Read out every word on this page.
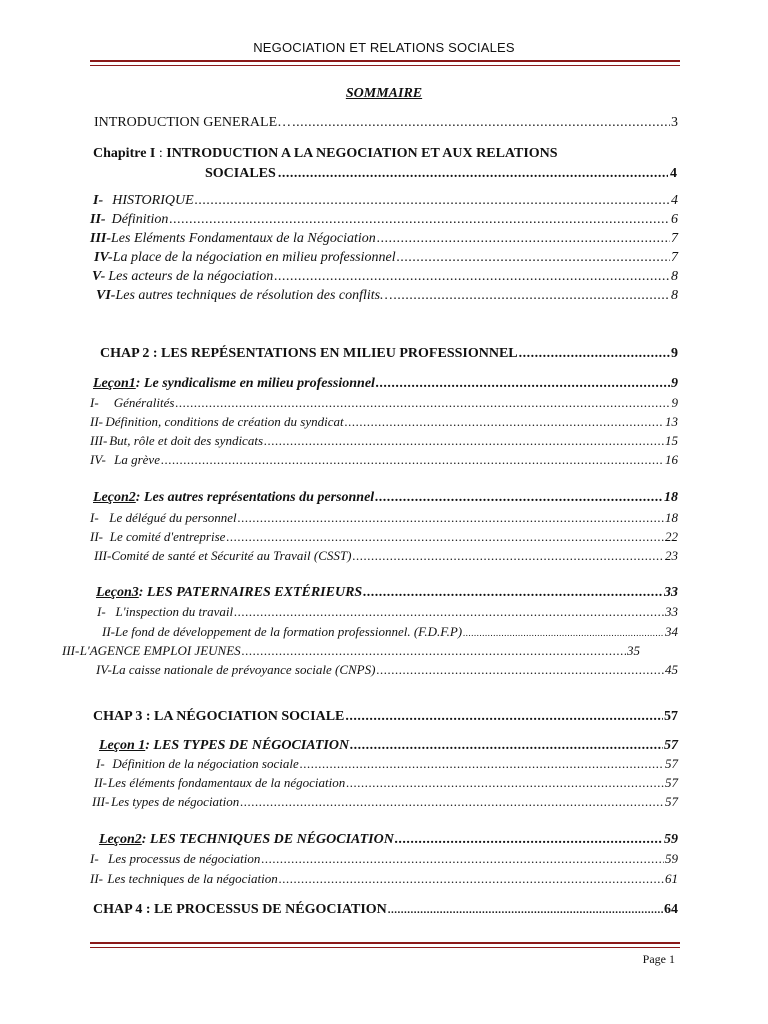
NEGOCIATION ET RELATIONS SOCIALES
SOMMAIRE
INTRODUCTION GENERALE… .....	3
Chapitre I : INTRODUCTION A LA NEGOCIATION ET AUX RELATIONS
SOCIALES .....	4
I- HISTORIQUE .....	4
II- Définition .....	6
III- Les Eléments Fondamentaux de la Négociation .....	7
IV- La place de la négociation en milieu professionnel .....	7
V- Les acteurs de la négociation .....	8
VI- Les autres techniques de résolution des conflits… .....	8
CHAP 2 : LES REPÉSENTATIONS EN MILIEU PROFESSIONNEL .....	9
Leçon1 : Le syndicalisme en milieu professionnel .....	9
I-	Généralités .....	9
II- Définition, conditions de création du syndicat .....	13
III- But, rôle et doit des syndicats .....	15
IV- La grève .....	16
Leçon2 : Les autres représentations du personnel .....	18
I- Le délégué du personnel .....	18
II- Le comité d'entreprise .....	22
III- Comité de santé et Sécurité au Travail (CSST) .....	23
Leçon3 : LES PATERNAIRES EXTÉRIEURS .....	33
I- L'inspection du travail .....	33
II- Le fond de développement de la formation professionnel. (F.D.F.P) .....	34
III- L'AGENCE EMPLOI JEUNES .....	35
IV- La caisse nationale de prévoyance sociale (CNPS) .....	45
CHAP 3 : LA NÉGOCIATION SOCIALE .....	57
Leçon 1 : LES TYPES DE NÉGOCIATION .....	57
I- Définition de la négociation sociale .....	57
II- Les éléments fondamentaux de la négociation .....	57
III- Les types de négociation .....	57
Leçon2 : LES TECHNIQUES DE NÉGOCIATION .....	59
I- Les processus de négociation .....	59
II- Les techniques de la négociation .....	61
CHAP 4 : LE PROCESSUS DE NÉGOCIATION .....	64
Page 1
